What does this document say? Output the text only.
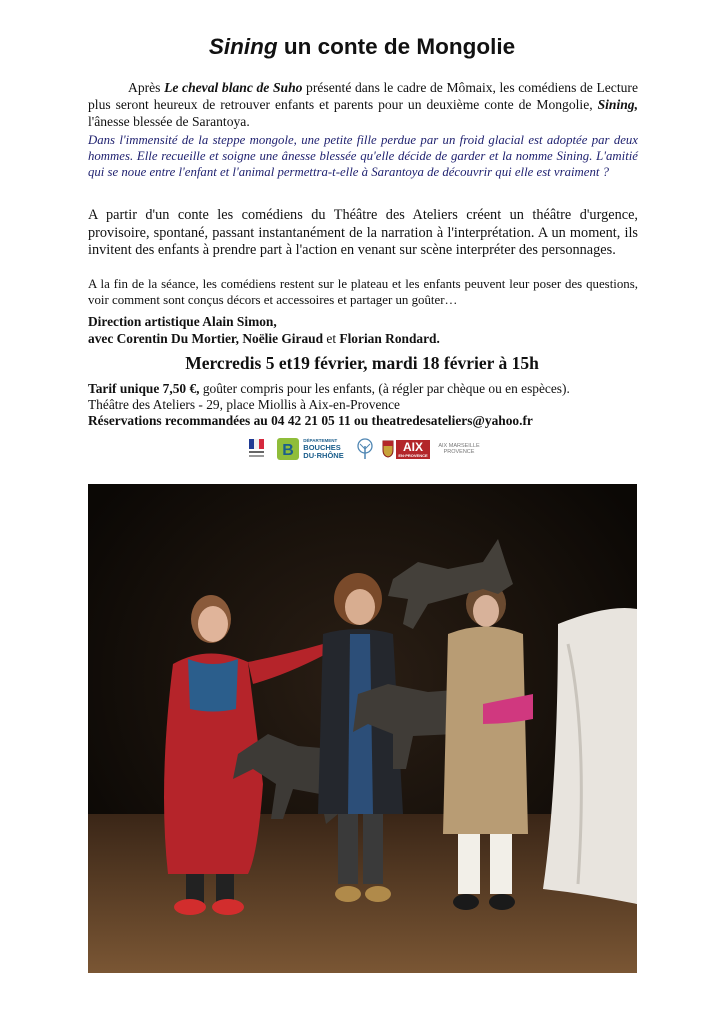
Sining un conte de Mongolie
Après Le cheval blanc de Suho présenté dans le cadre de Mômaix, les comédiens de Lecture plus seront heureux de retrouver enfants et parents pour un deuxième conte de Mongolie, Sining, l'ânesse blessée de Sarantoya.
Dans l'immensité de la steppe mongole, une petite fille perdue par un froid glacial est adoptée par deux hommes. Elle recueille et soigne une ânesse blessée qu'elle décide de garder et la nomme Sining. L'amitié qui se noue entre l'enfant et l'animal permettra-t-elle à Sarantoya de découvrir qui elle est vraiment ?
A partir d'un conte les comédiens du Théâtre des Ateliers créent un théâtre d'urgence, provisoire, spontané, passant instantanément de la narration à l'interprétation. A un moment, ils invitent des enfants à prendre part à l'action en venant sur scène interpréter des personnages.
A la fin de la séance, les comédiens restent sur le plateau et les enfants peuvent leur poser des questions, voir comment sont conçus décors et accessoires et partager un goûter…
Direction artistique Alain Simon,
avec Corentin Du Mortier, Noëlie Giraud et Florian Rondard.
Mercredis 5 et19 février, mardi 18 février à 15h
Tarif unique 7,50 €, goûter compris pour les enfants, (à régler par chèque ou en espèces).
Théâtre des Ateliers - 29, place Miollis à Aix-en-Provence
Réservations recommandées au 04 42 21 05 11 ou theatredesateliers@yahoo.fr
B
DÉPARTEMENT
BOUCHES
DU·RHÔNE
AIX
EN·PROVENCE
AIX MARSEILLE PROVENCE
